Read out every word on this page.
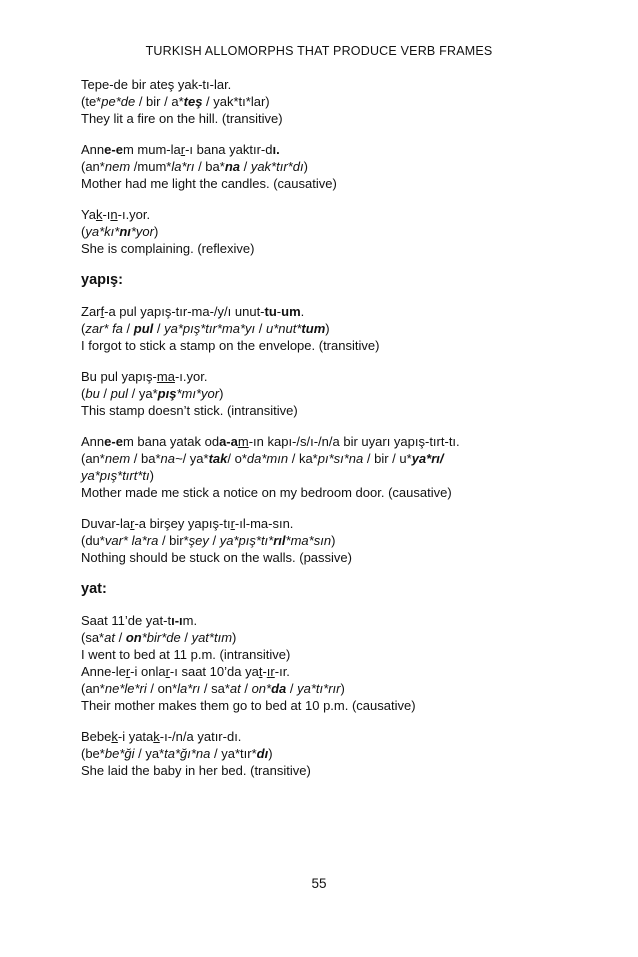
TURKISH ALLOMORPHS THAT PRODUCE VERB FRAMES

Tepe-de bir ateş yak-tı-lar.

(te*pe*de / bir / a*teş / yak*tı*lar)

They lit a fire on the hill. (transitive)

Anne-em mum-lar-ı bana yaktır-dı.

(an*nem /mum*la*rı / ba*na / yak*tır*dı)

Mother had me light the candles. (causative)

Yak-ın-ı.yor.

(ya*kı*nı*yor)

She is complaining. (reflexive)

yapış:

Zarf-a pul yapış-tır-ma-/y/ı unut-tu-um.

(zar* fa / pul / ya*pış*tır*ma*yı / u*nut*tum)

I forgot to stick a stamp on the envelope. (transitive)

Bu pul yapış-ma-ı.yor.

(bu / pul / ya*pış*mı*yor)

This stamp doesn’t stick. (intransitive)

Anne-em bana yatak oda-am-ın kapı-/s/ı-/n/a bir uyarı yapış-tırt-tı.

(an*nem / ba*na~/ ya*tak/ o*da*mın / ka*pı*sı*na / bir / u*ya*rı/

ya*pış*tırt*tı)

Mother made me stick a notice on my bedroom door. (causative)

Duvar-lar-a birşey yapış-tır-ıl-ma-sın.

(du*var* la*ra / bir*şey / ya*pış*tı*rıl*ma*sın)

Nothing should be stuck on the walls. (passive)

yat:

Saat 11’de yat-tı-ım.

(sa*at / on*bir*de / yat*tım)

I went to bed at 11 p.m. (intransitive)

Anne-ler-i onlar-ı saat 10’da yat-ır-ır.

(an*ne*le*ri / on*la*rı / sa*at / on*da / ya*tı*rır)

Their mother makes them go to bed at 10 p.m. (causative)

Bebek-i yatak-ı-/n/a yatır-dı.

(be*be*ği / ya*ta*ğı*na / ya*tır*dı)

She laid the baby in her bed. (transitive)

55
